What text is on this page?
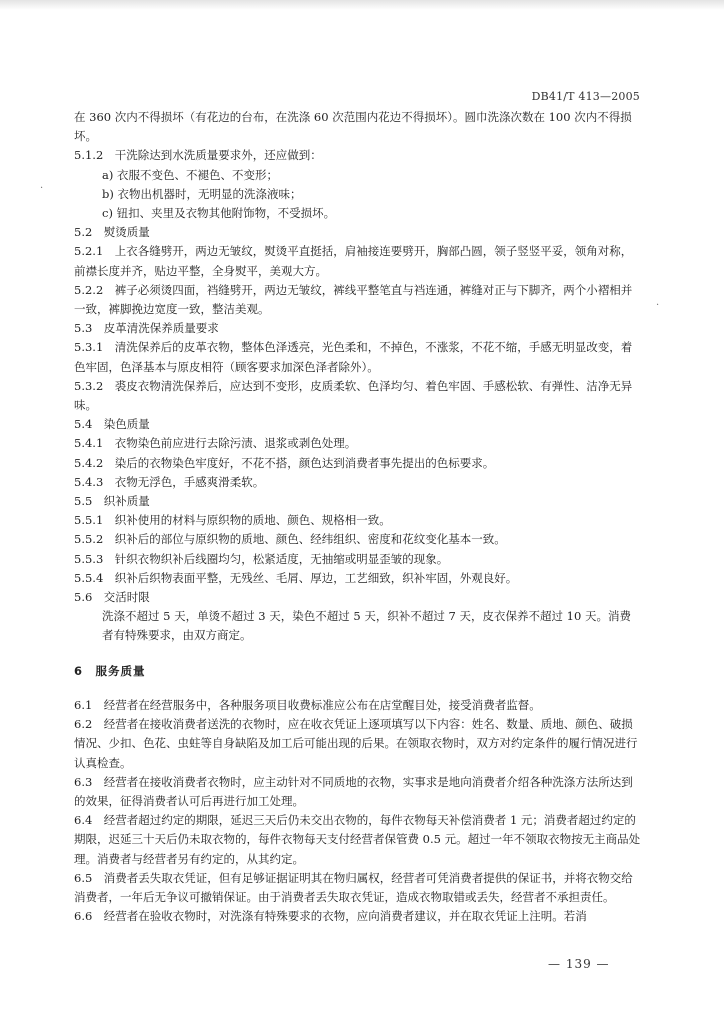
·
·
DB41/T 413—2005

在 360 次内不得损坏（有花边的台布，在洗涤 60 次范围内花边不得损坏）。圆巾洗涤次数在 100 次内不得损坏。

5.1.2　干洗除达到水洗质量要求外，还应做到：

a) 衣服不变色、不褪色、不变形；

b) 衣物出机器时，无明显的洗涤液味；

c) 钮扣、夹里及衣物其他附饰物，不受损坏。

5.2　熨烫质量

5.2.1　上衣各缝劈开，两边无皱纹，熨烫平直挺括，肩袖接连要劈开，胸部凸圆，领子竖竖平妥，领角对称，前襟长度并齐，贴边平整，全身熨平，美观大方。

5.2.2　裤子必须烫四面，裆缝劈开，两边无皱纹，裤线平整笔直与裆连通，裤缝对正与下脚齐，两个小褶相并一致，裤脚挽边宽度一致，整洁美观。

5.3　皮革清洗保养质量要求

5.3.1　清洗保养后的皮革衣物，整体色泽透亮，光色柔和，不掉色，不涨浆，不花不缩，手感无明显改变，着色牢固，色泽基本与原皮相符（顾客要求加深色泽者除外）。

5.3.2　裘皮衣物清洗保养后，应达到不变形，皮质柔软、色泽均匀、着色牢固、手感松软、有弹性、洁净无异味。

5.4　染色质量

5.4.1　衣物染色前应进行去除污渍、退浆或剥色处理。

5.4.2　染后的衣物染色牢度好，不花不搭，颜色达到消费者事先提出的色标要求。

5.4.3　衣物无浮色，手感爽滑柔软。

5.5　织补质量

5.5.1　织补使用的材料与原织物的质地、颜色、规格相一致。

5.5.2　织补后的部位与原织物的质地、颜色、经纬组织、密度和花纹变化基本一致。

5.5.3　针织衣物织补后线圈均匀，松紧适度，无抽缩或明显歪皱的现象。

5.5.4　织补后织物表面平整，无残丝、毛屑、厚边，工艺细致，织补牢固，外观良好。

5.6　交活时限

洗涤不超过 5 天，单烫不超过 3 天，染色不超过 5 天，织补不超过 7 天，皮衣保养不超过 10 天。消费者有特殊要求，由双方商定。

6　服务质量

6.1　经营者在经营服务中，各种服务项目收费标准应公布在店堂醒目处，接受消费者监督。

6.2　经营者在接收消费者送洗的衣物时，应在收衣凭证上逐项填写以下内容：姓名、数量、质地、颜色、破损情况、少扣、色花、虫蛀等自身缺陷及加工后可能出现的后果。在领取衣物时，双方对约定条件的履行情况进行认真检查。

6.3　经营者在接收消费者衣物时，应主动针对不同质地的衣物，实事求是地向消费者介绍各种洗涤方法所达到的效果，征得消费者认可后再进行加工处理。

6.4　经营者超过约定的期限，延迟三天后仍未交出衣物的，每件衣物每天补偿消费者 1 元；消费者超过约定的期限，迟延三十天后仍未取衣物的，每件衣物每天支付经营者保管费 0.5 元。超过一年不领取衣物按无主商品处理。消费者与经营者另有约定的，从其约定。

6.5　消费者丢失取衣凭证，但有足够证据证明其在物归属权，经营者可凭消费者提供的保证书，并将衣物交给消费者，一年后无争议可撤销保证。由于消费者丢失取衣凭证，造成衣物取错或丢失，经营者不承担责任。

6.6　经营者在验收衣物时，对洗涤有特殊要求的衣物，应向消费者建议，并在取衣凭证上注明。若消

— 139 —
